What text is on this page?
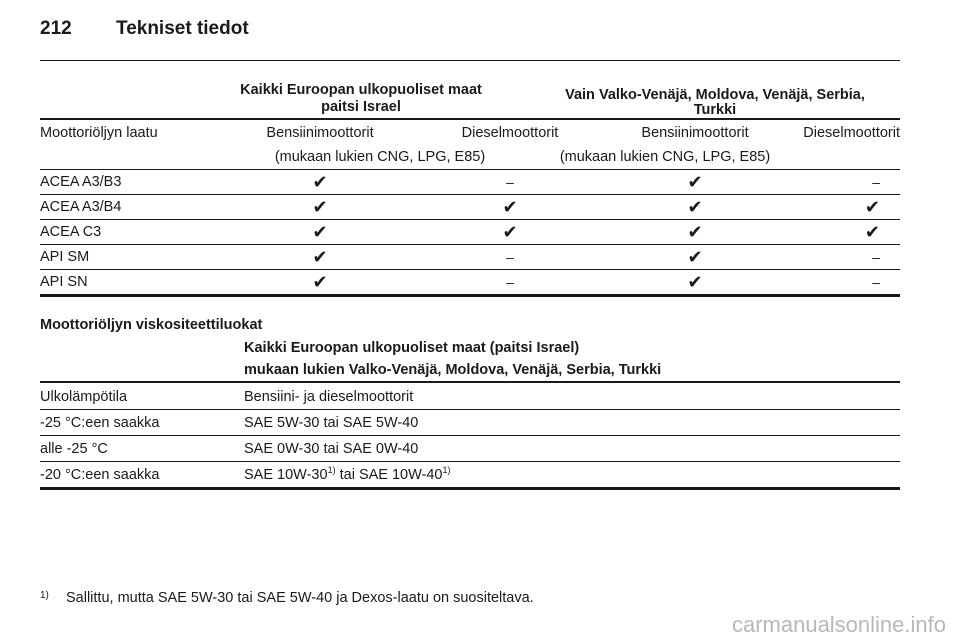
212 Tekniset tiedot
Kaikki Euroopan ulkopuoliset maat
paitsi Israel
Vain Valko-Venäjä, Moldova, Venäjä, Serbia,
Turkki
Moottoriöljyn laatu	Bensiinimoottorit	Dieselmoottorit	Bensiinimoottorit	Dieselmoottorit
	(mukaan lukien CNG, LPG, E85)		(mukaan lukien CNG, LPG, E85)	
ACEA A3/B3	✔	–	✔	–
ACEA A3/B4	✔	✔	✔	✔
ACEA C3	✔	✔	✔	✔
API SM	✔	–	✔	–
API SN	✔	–	✔	–
Moottoriöljyn viskositeettiluokat
Kaikki Euroopan ulkopuoliset maat (paitsi Israel)
mukaan lukien Valko-Venäjä, Moldova, Venäjä, Serbia, Turkki
Ulkolämpötila	Bensiini- ja dieselmoottorit
-25 °C:een saakka	SAE 5W-30 tai SAE 5W-40
alle -25 °C	SAE 0W-30 tai SAE 0W-40
-20 °C:een saakka	SAE 10W-30$^{1)}$ tai SAE 10W-40$^{1)}$
1) Sallittu, mutta SAE 5W-30 tai SAE 5W-40 ja Dexos-laatu on suositeltava.
carmanualsonline.info
